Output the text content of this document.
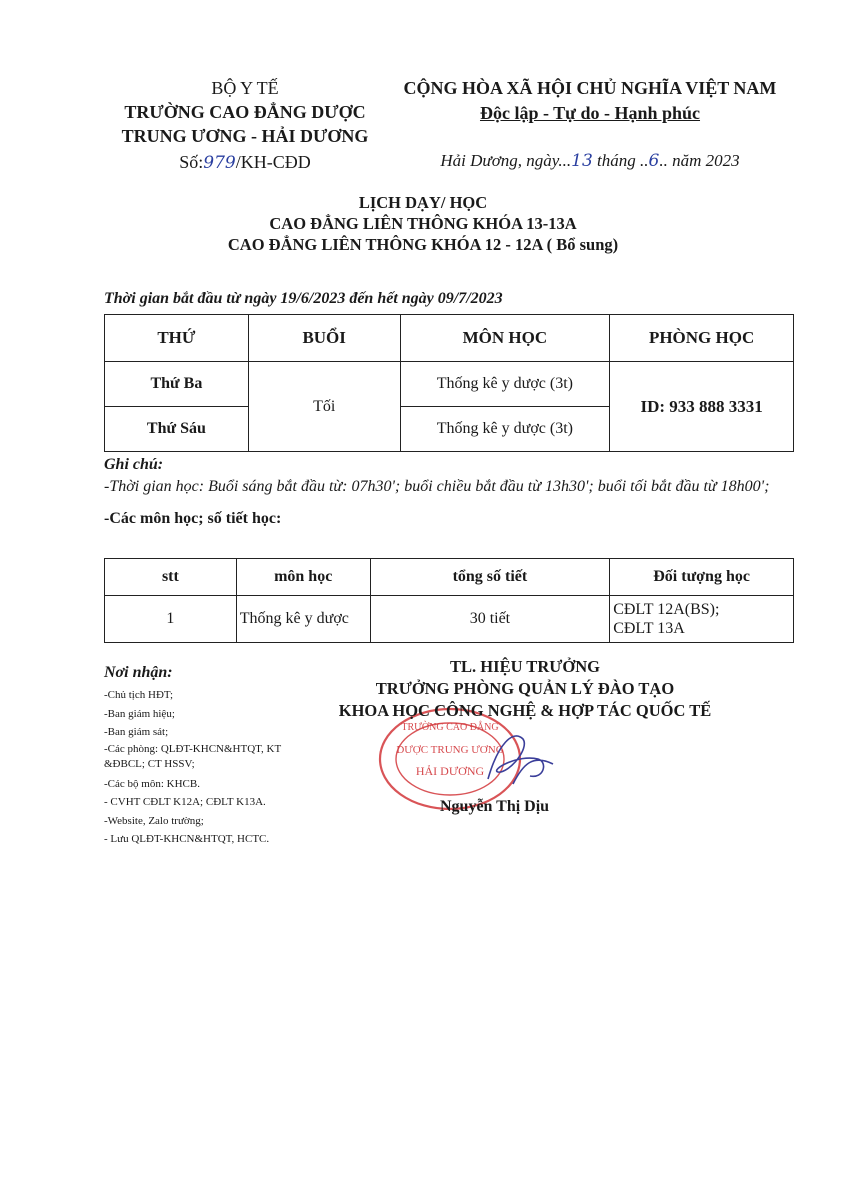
BỘ Y TẾ
TRƯỜNG CAO ĐẲNG DƯỢC
TRUNG ƯƠNG - HẢI DƯƠNG
Số:979/KH-CĐD
CỘNG HÒA XÃ HỘI CHỦ NGHĨA VIỆT NAM
Độc lập - Tự do - Hạnh phúc
Hải Dương, ngày...13 tháng ..6.. năm 2023
LỊCH DẠY/ HỌC
CAO ĐẲNG LIÊN THÔNG KHÓA 13-13A
CAO ĐẲNG LIÊN THÔNG KHÓA 12 - 12A ( Bổ sung)
Thời gian bắt đầu từ ngày 19/6/2023 đến hết ngày 09/7/2023
THỨ	BUỔI	MÔN HỌC	PHÒNG HỌC
Thứ Ba	Tối	Thống kê y dược (3t)	ID: 933 888 3331
Thứ Sáu		Thống kê y dược (3t)	
Ghi chú:
-Thời gian học: Buổi sáng bắt đầu từ: 07h30'; buổi chiều bắt đầu từ 13h30'; buổi tối bắt đầu từ 18h00';
-Các môn học; số tiết học:
stt	môn học	tổng số tiết	Đối tượng học
1	Thống kê y dược	30 tiết	CĐLT 12A(BS);
CĐLT 13A
Nơi nhận:
-Chủ tịch HĐT;
-Ban giám hiệu;
-Ban giám sát;
-Các phòng: QLĐT-KHCN&HTQT, KT &ĐBCL; CT HSSV;
-Các bộ môn: KHCB.
- CVHT CĐLT K12A; CĐLT K13A.
-Website, Zalo trường;
- Lưu QLĐT-KHCN&HTQT, HCTC.
TRƯỜNG CAO ĐẲNG
DƯỢC TRUNG ƯƠNG
HẢI DƯƠNG
TL. HIỆU TRƯỞNG
TRƯỞNG PHÒNG QUẢN LÝ ĐÀO TẠO
KHOA HỌC CÔNG NGHỆ & HỢP TÁC QUỐC TẾ
Nguyễn Thị Dịu
